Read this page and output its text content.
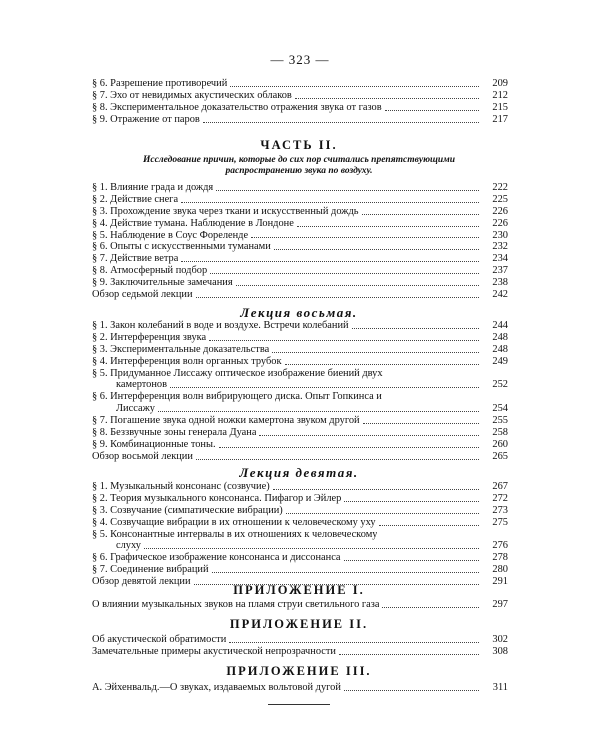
— 323 —
§ 6. Разрешение противоречий	209
§ 7. Эхо от невидимых акустических облаков	212
§ 8. Экспериментальное доказательство отражения звука от газов	215
§ 9. Отражение от паров	217
ЧАСТЬ II.
Исследование причин, которые до сих пор считались препятствующими
распространению звука по воздуху.
§ 1. Влияние града и дождя	222
§ 2. Действие снега	225
§ 3. Прохождение звука через ткани и искусственный дождь	226
§ 4. Действие тумана. Наблюдение в Лондоне	226
§ 5. Наблюдение в Соус Фореленде	230
§ 6. Опыты с искусственными туманами	232
§ 7. Действие ветра	234
§ 8. Атмосферный подбор	237
§ 9. Заключительные замечания	238
Обзор седьмой лекции	242
Лекция восьмая.
§ 1. Закон колебаний в воде и воздухе. Встречи колебаний	244
§ 2. Интерференция звука	248
§ 3. Экспериментальные доказательства	248
§ 4. Интерференция волн органных трубок	249
§ 5. Придуманное Лиссажу оптическое изображение биений двух
камертонов	252
§ 6. Интерференция волн вибрирующего диска. Опыт Гопкинса и
Лиссажу	254
§ 7. Погашение звука одной ножки камертона звуком другой	255
§ 8. Беззвучные зоны генерала Дуана	258
§ 9. Комбинационные тоны.	260
Обзор восьмой лекции	265
Лекция девятая.
§ 1. Музыкальный консонанс (созвучие)	267
§ 2. Теория музыкального консонанса. Пифагор и Эйлер	272
§ 3. Созвучание (симпатические вибрации)	273
§ 4. Созвучащие вибрации в их отношении к человеческому уху	275
§ 5. Консонантные интервалы в их отношениях к человеческому
слуху	276
§ 6. Графическое изображение консонанса и диссонанса	278
§ 7. Соединение вибраций	280
Обзор девятой лекции	291
ПРИЛОЖЕНИЕ I.
О влиянии музыкальных звуков на пламя струи светильного газа	297
ПРИЛОЖЕНИЕ II.
Об акустической обратимости	302
Замечательные примеры акустической непрозрачности	308
ПРИЛОЖЕНИЕ III.
А. Эйхенвальд.—О звуках, издаваемых вольтовой дугой	311
